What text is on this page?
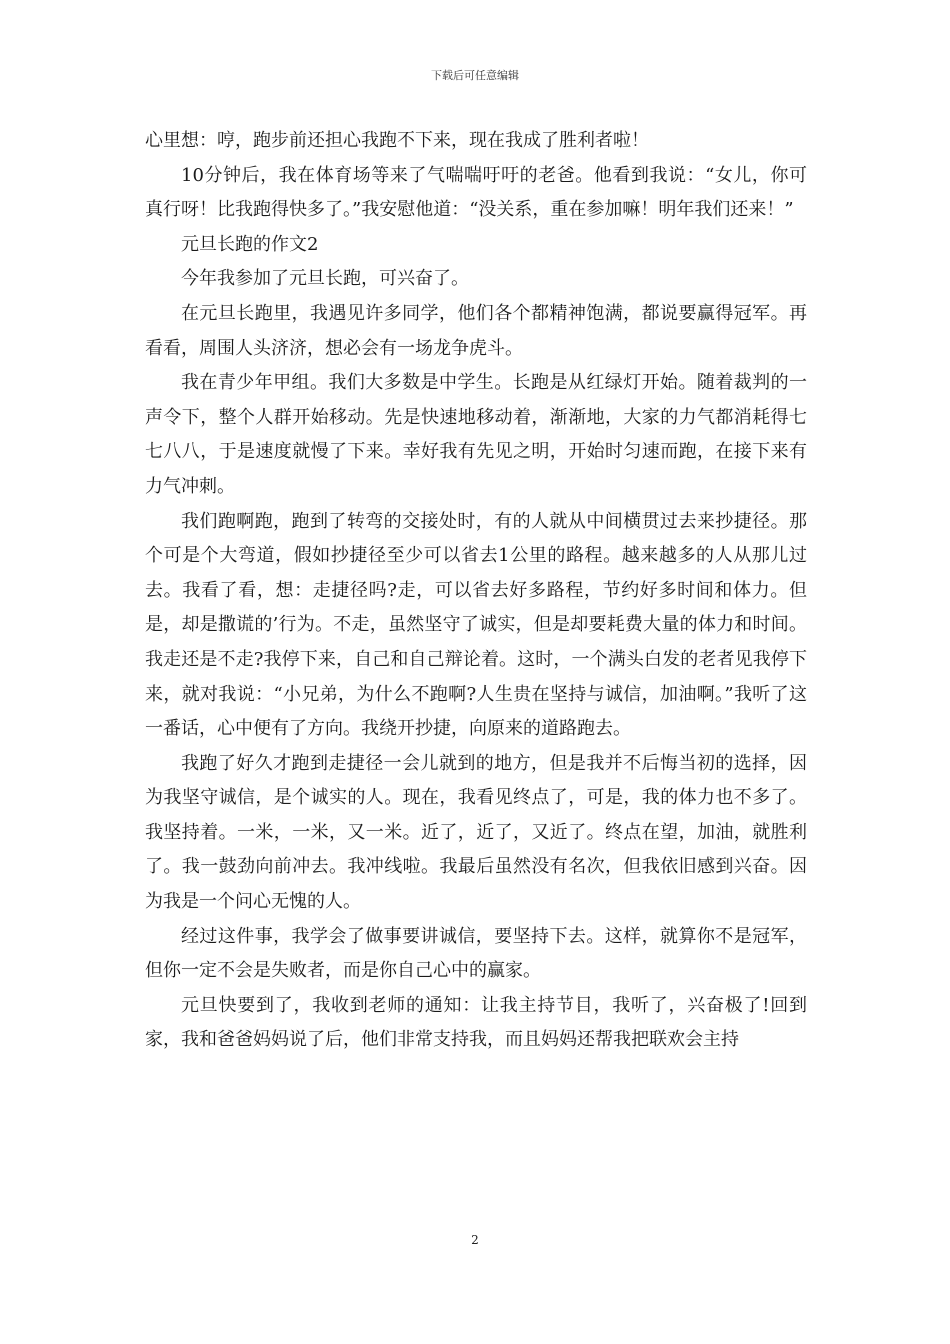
下载后可任意编辑

心里想：哼，跑步前还担心我跑不下来，现在我成了胜利者啦！

10分钟后，我在体育场等来了气喘喘吁吁的老爸。他看到我说：“女儿，你可真行呀！比我跑得快多了。”我安慰他道：“没关系，重在参加嘛！明年我们还来！”

元旦长跑的作文2

今年我参加了元旦长跑，可兴奋了。

在元旦长跑里，我遇见许多同学，他们各个都精神饱满，都说要赢得冠军。再看看，周围人头济济，想必会有一场龙争虎斗。

我在青少年甲组。我们大多数是中学生。长跑是从红绿灯开始。随着裁判的一声令下，整个人群开始移动。先是快速地移动着，渐渐地，大家的力气都消耗得七七八八，于是速度就慢了下来。幸好我有先见之明，开始时匀速而跑，在接下来有力气冲刺。

我们跑啊跑，跑到了转弯的交接处时，有的人就从中间横贯过去来抄捷径。那个可是个大弯道，假如抄捷径至少可以省去1公里的路程。越来越多的人从那儿过去。我看了看，想：走捷径吗?走，可以省去好多路程，节约好多时间和体力。但是，却是撒谎的’行为。不走，虽然坚守了诚实，但是却要耗费大量的体力和时间。我走还是不走?我停下来，自己和自己辩论着。这时，一个满头白发的老者见我停下来，就对我说：“小兄弟，为什么不跑啊?人生贵在坚持与诚信，加油啊。”我听了这一番话，心中便有了方向。我绕开抄捷，向原来的道路跑去。

我跑了好久才跑到走捷径一会儿就到的地方，但是我并不后悔当初的选择，因为我坚守诚信，是个诚实的人。现在，我看见终点了，可是，我的体力也不多了。我坚持着。一米，一米，又一米。近了，近了，又近了。终点在望，加油，就胜利了。我一鼓劲向前冲去。我冲线啦。我最后虽然没有名次，但我依旧感到兴奋。因为我是一个问心无愧的人。

经过这件事，我学会了做事要讲诚信，要坚持下去。这样，就算你不是冠军，但你一定不会是失败者，而是你自己心中的赢家。

元旦快要到了，我收到老师的通知：让我主持节目，我听了，兴奋极了!回到家，我和爸爸妈妈说了后，他们非常支持我，而且妈妈还帮我把联欢会主持

2
